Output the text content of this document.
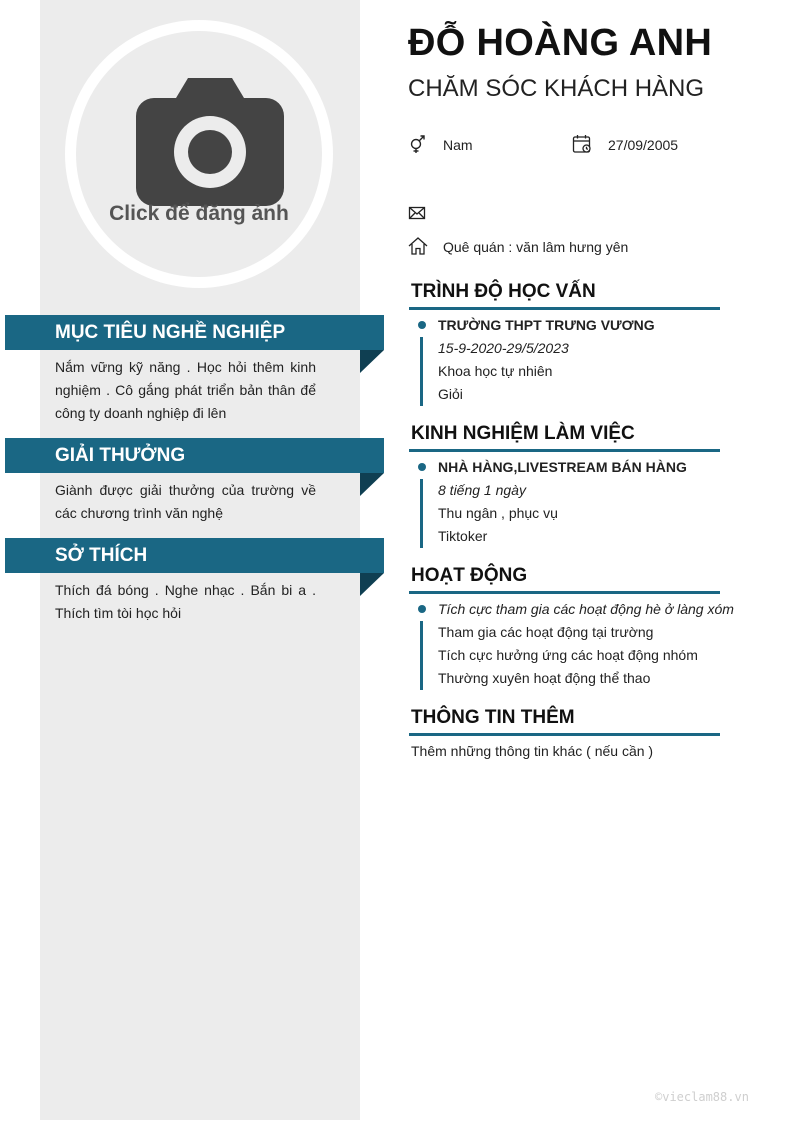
Click để đăng ảnh
MỤC TIÊU NGHỀ NGHIỆP
Nắm vững kỹ năng . Học hỏi thêm kinh nghiệm . Cô gắng phát triển bản thân để công ty doanh nghiệp đi lên
GIẢI THƯỞNG
Giành được giải thưởng của trường về các chương trình văn nghệ
SỞ THÍCH
Thích đá bóng . Nghe nhạc . Bắn bi a . Thích tìm tòi học hỏi
ĐỖ HOÀNG ANH
CHĂM SÓC KHÁCH HÀNG
Nam	27/09/2005
Quê quán : văn lâm hưng yên
TRÌNH ĐỘ HỌC VẤN
TRƯỜNG THPT TRƯNG VƯƠNG
15-9-2020-29/5/2023
Khoa học tự nhiên
Giỏi
KINH NGHIỆM LÀM VIỆC
NHÀ HÀNG,LIVESTREAM BÁN HÀNG
8 tiếng 1 ngày
Thu ngân , phục vụ
Tiktoker
HOẠT ĐỘNG
Tích cực tham gia các hoạt động hè ở làng xóm
Tham gia các hoạt động tại trường
Tích cực hưởng ứng các hoạt động nhóm
Thường xuyên hoạt động thể thao
THÔNG TIN THÊM
Thêm những thông tin khác ( nếu cần )
©vieclam88.vn
